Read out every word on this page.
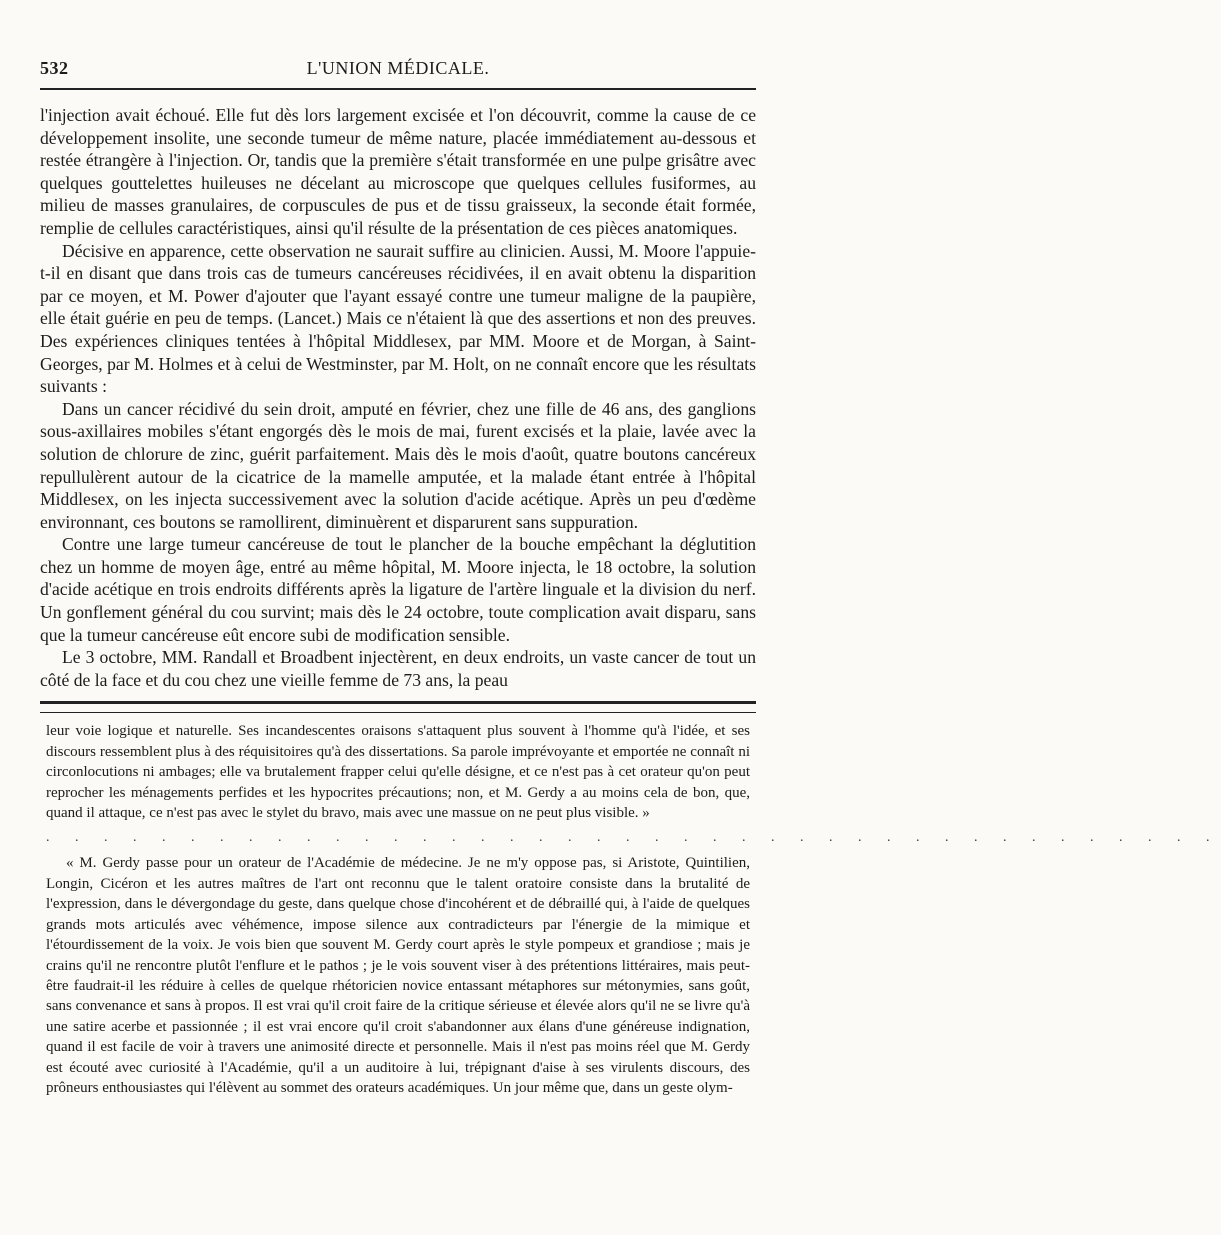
532	L'UNION MÉDICALE.

l'injection avait échoué. Elle fut dès lors largement excisée et l'on découvrit, comme la cause de ce développement insolite, une seconde tumeur de même nature, placée immédiatement au-dessous et restée étrangère à l'injection. Or, tandis que la première s'était transformée en une pulpe grisâtre avec quelques gouttelettes huileuses ne décelant au microscope que quelques cellules fusiformes, au milieu de masses granulaires, de corpuscules de pus et de tissu graisseux, la seconde était formée, remplie de cellules caractéristiques, ainsi qu'il résulte de la présentation de ces pièces anatomiques.

Décisive en apparence, cette observation ne saurait suffire au clinicien. Aussi, M. Moore l'appuie-t-il en disant que dans trois cas de tumeurs cancéreuses récidivées, il en avait obtenu la disparition par ce moyen, et M. Power d'ajouter que l'ayant essayé contre une tumeur maligne de la paupière, elle était guérie en peu de temps. (Lancet.) Mais ce n'étaient là que des assertions et non des preuves. Des expériences cliniques tentées à l'hôpital Middlesex, par MM. Moore et de Morgan, à Saint-Georges, par M. Holmes et à celui de Westminster, par M. Holt, on ne connaît encore que les résultats suivants :

Dans un cancer récidivé du sein droit, amputé en février, chez une fille de 46 ans, des ganglions sous-axillaires mobiles s'étant engorgés dès le mois de mai, furent excisés et la plaie, lavée avec la solution de chlorure de zinc, guérit parfaitement. Mais dès le mois d'août, quatre boutons cancéreux repullulèrent autour de la cicatrice de la mamelle amputée, et la malade étant entrée à l'hôpital Middlesex, on les injecta successivement avec la solution d'acide acétique. Après un peu d'œdème environnant, ces boutons se ramollirent, diminuèrent et disparurent sans suppuration.

Contre une large tumeur cancéreuse de tout le plancher de la bouche empêchant la déglutition chez un homme de moyen âge, entré au même hôpital, M. Moore injecta, le 18 octobre, la solution d'acide acétique en trois endroits différents après la ligature de l'artère linguale et la division du nerf. Un gonflement général du cou survint; mais dès le 24 octobre, toute complication avait disparu, sans que la tumeur cancéreuse eût encore subi de modification sensible.

Le 3 octobre, MM. Randall et Broadbent injectèrent, en deux endroits, un vaste cancer de tout un côté de la face et du cou chez une vieille femme de 73 ans, la peau

leur voie logique et naturelle. Ses incandescentes oraisons s'attaquent plus souvent à l'homme qu'à l'idée, et ses discours ressemblent plus à des réquisitoires qu'à des dissertations. Sa parole imprévoyante et emportée ne connaît ni circonlocutions ni ambages; elle va brutalement frapper celui qu'elle désigne, et ce n'est pas à cet orateur qu'on peut reprocher les ménagements perfides et les hypocrites précautions; non, et M. Gerdy a au moins cela de bon, que, quand il attaque, ce n'est pas avec le stylet du bravo, mais avec une massue on ne peut plus visible. »

. . . . . . . . . . . . . . . . . . . . . . . . . . . . . . . . . . . . . . . . .

« M. Gerdy passe pour un orateur de l'Académie de médecine. Je ne m'y oppose pas, si Aristote, Quintilien, Longin, Cicéron et les autres maîtres de l'art ont reconnu que le talent oratoire consiste dans la brutalité de l'expression, dans le dévergondage du geste, dans quelque chose d'incohérent et de débraillé qui, à l'aide de quelques grands mots articulés avec véhémence, impose silence aux contradicteurs par l'énergie de la mimique et l'étourdissement de la voix. Je vois bien que souvent M. Gerdy court après le style pompeux et grandiose ; mais je crains qu'il ne rencontre plutôt l'enflure et le pathos ; je le vois souvent viser à des prétentions littéraires, mais peut-être faudrait-il les réduire à celles de quelque rhétoricien novice entassant métaphores sur métonymies, sans goût, sans convenance et sans à propos. Il est vrai qu'il croit faire de la critique sérieuse et élevée alors qu'il ne se livre qu'à une satire acerbe et passionnée ; il est vrai encore qu'il croit s'abandonner aux élans d'une généreuse indignation, quand il est facile de voir à travers une animosité directe et personnelle. Mais il n'est pas moins réel que M. Gerdy est écouté avec curiosité à l'Académie, qu'il a un auditoire à lui, trépignant d'aise à ses virulents discours, des prôneurs enthousiastes qui l'élèvent au sommet des orateurs académiques. Un jour même que, dans un geste olym-
